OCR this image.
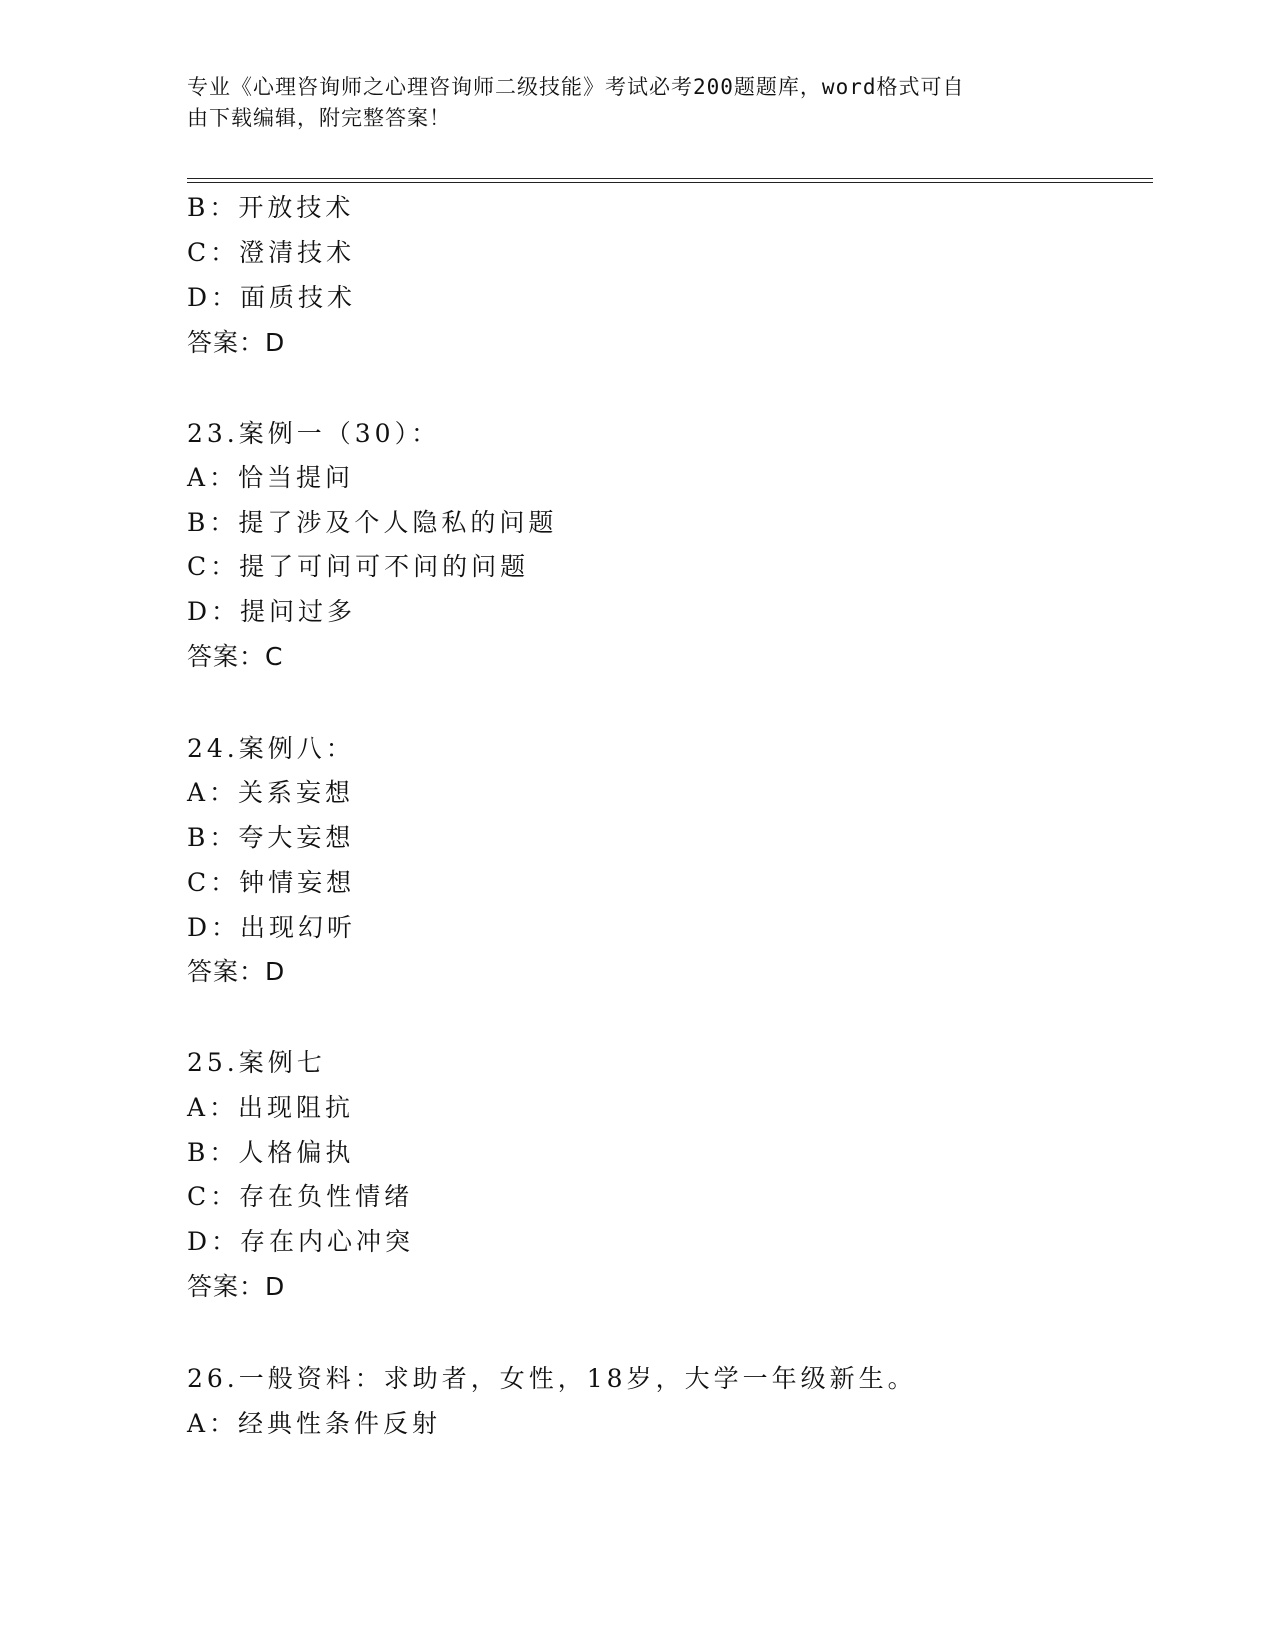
专业《心理咨询师之心理咨询师二级技能》考试必考200题题库，word格式可自
由下载编辑，附完整答案！
B：开放技术
C：澄清技术
D：面质技术
答案：D
23.案例一（30）：
A：恰当提问
B：提了涉及个人隐私的问题
C：提了可问可不问的问题
D：提问过多
答案：C
24.案例八：
A：关系妄想
B：夸大妄想
C：钟情妄想
D：出现幻听
答案：D
25.案例七
A：出现阻抗
B：人格偏执
C：存在负性情绪
D：存在内心冲突
答案：D
26.一般资料：求助者，女性，18岁，大学一年级新生。
A：经典性条件反射
